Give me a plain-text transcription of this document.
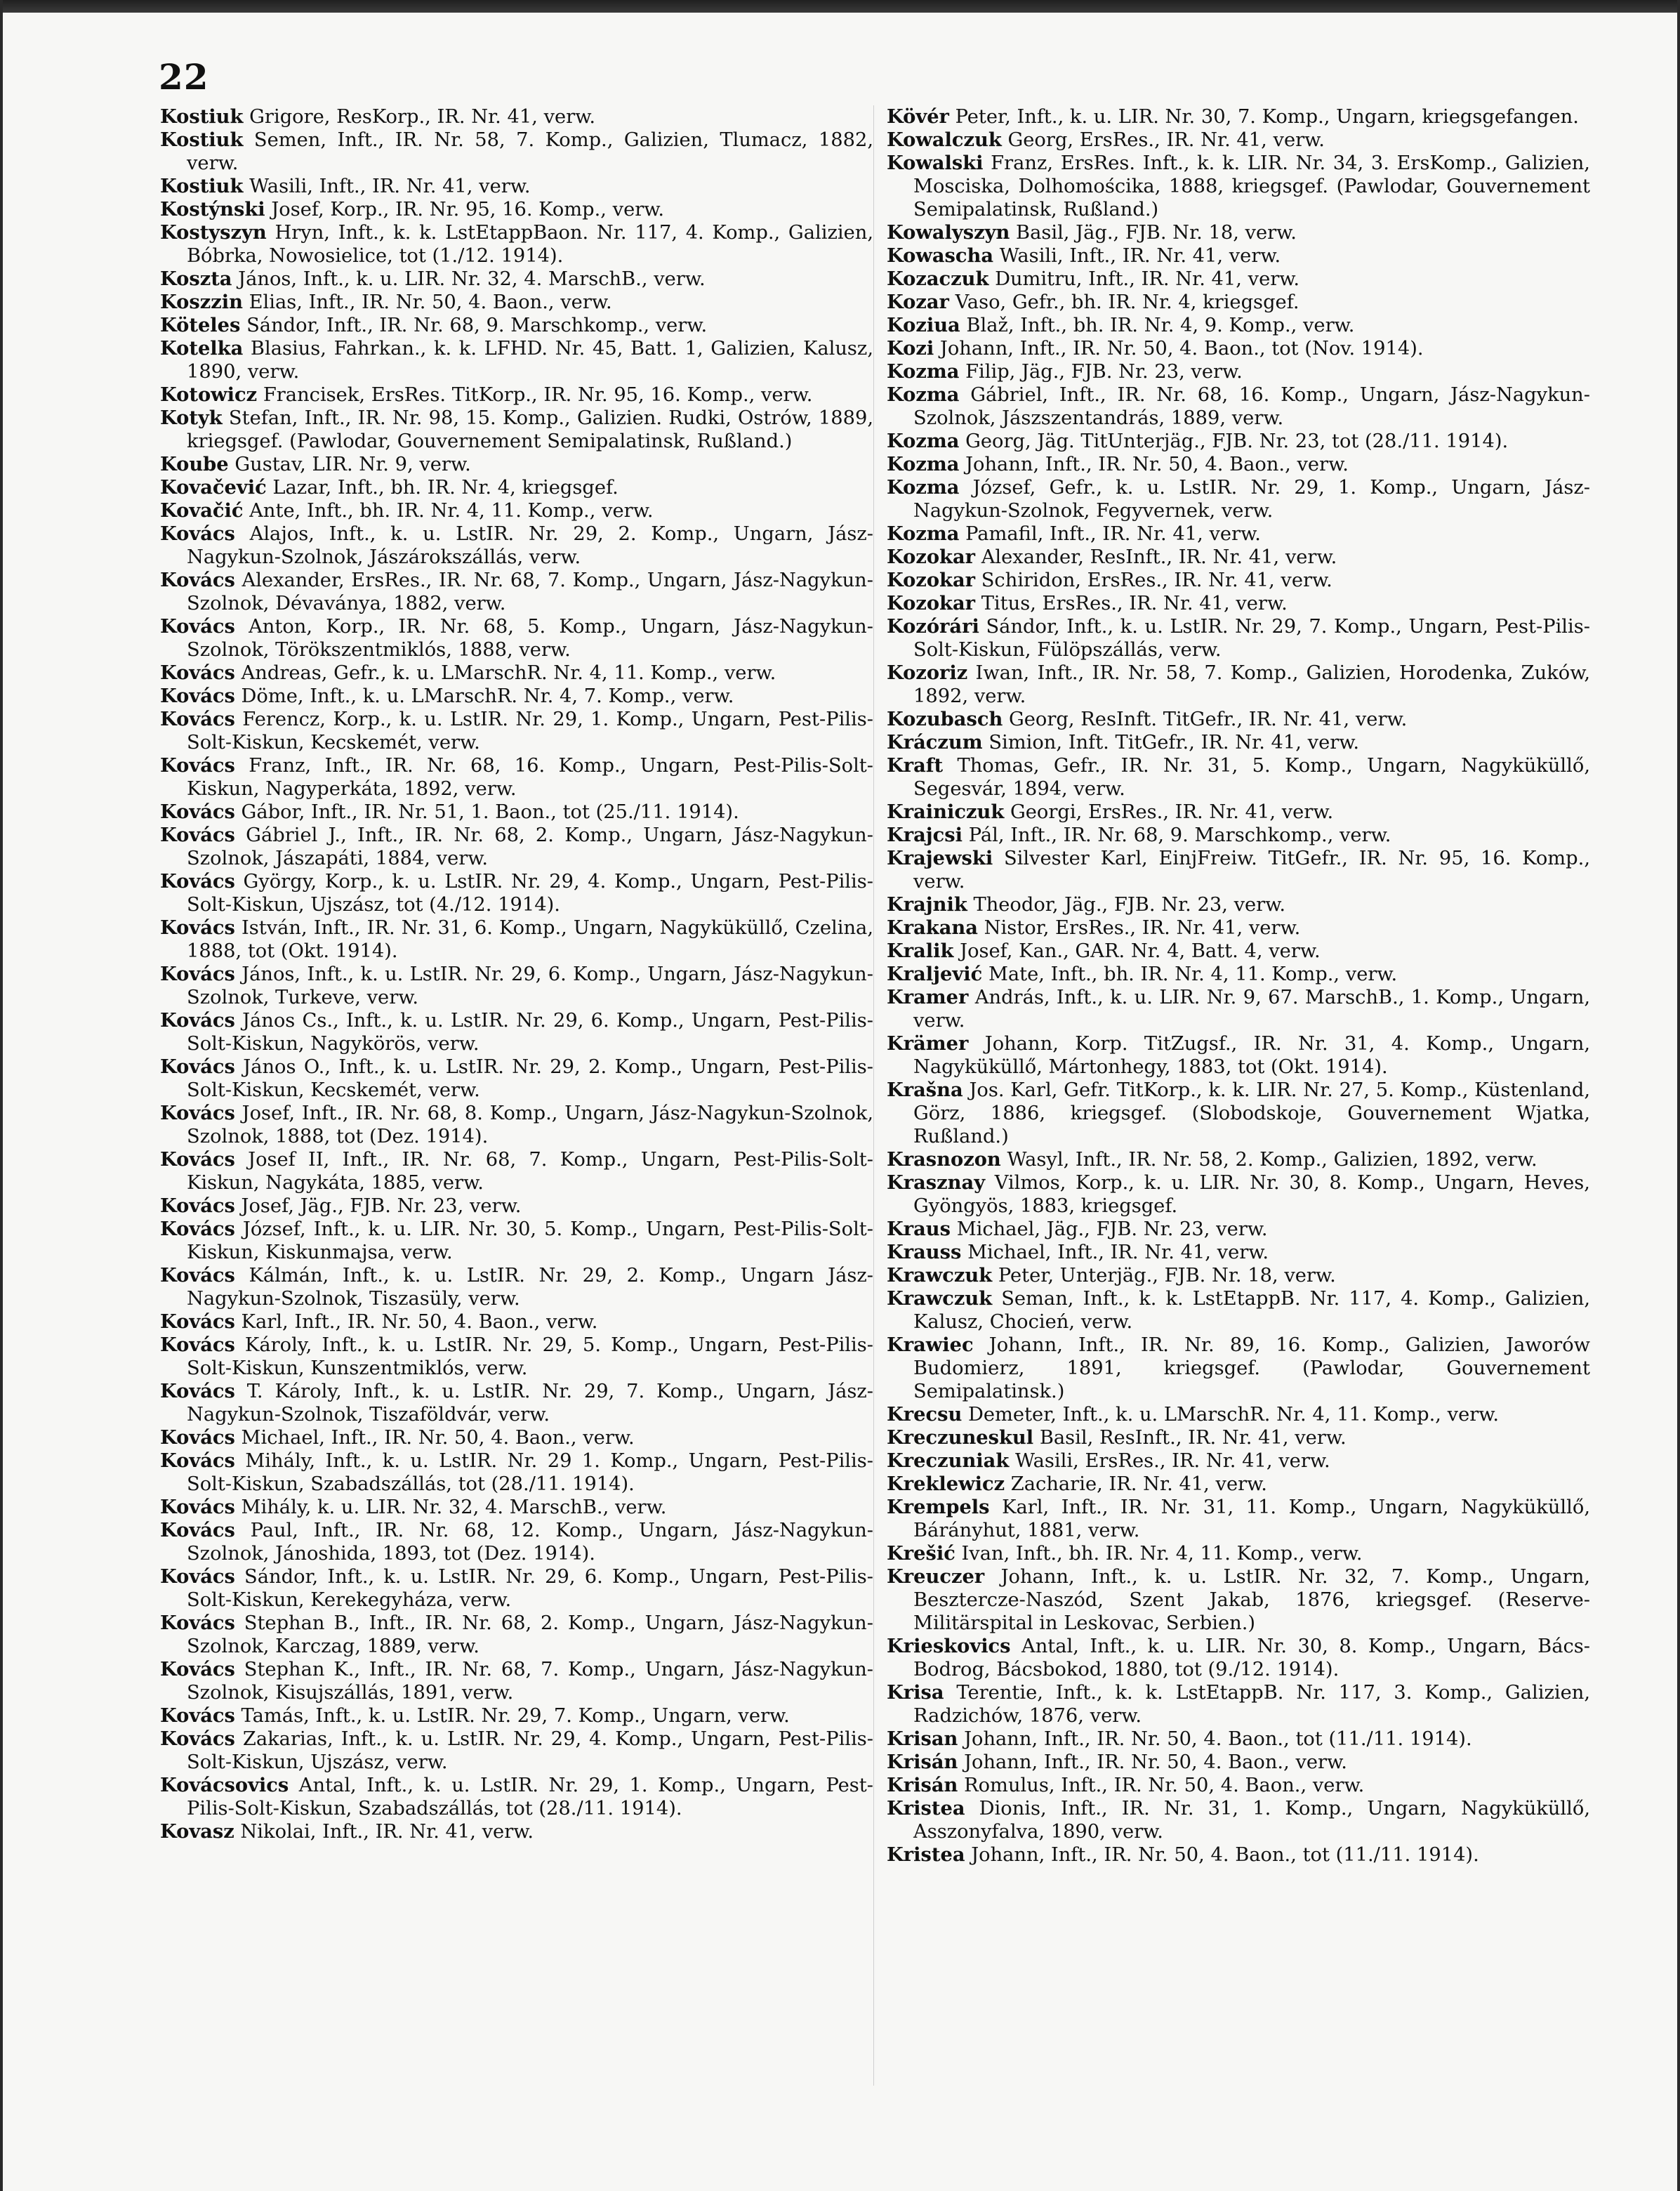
22

Kostiuk Grigore, ResKorp., IR. Nr. 41, verw.

Kostiuk Semen, Inft., IR. Nr. 58, 7. Komp., Galizien, Tlumacz, 1882, verw.

Kostiuk Wasili, Inft., IR. Nr. 41, verw.

Kostýnski Josef, Korp., IR. Nr. 95, 16. Komp., verw.

Kostyszyn Hryn, Inft., k. k. LstEtappBaon. Nr. 117, 4. Komp., Galizien, Bóbrka, Nowosielice, tot (1./12. 1914).

Koszta János, Inft., k. u. LIR. Nr. 32, 4. MarschB., verw.

Koszzin Elias, Inft., IR. Nr. 50, 4. Baon., verw.

Köteles Sándor, Inft., IR. Nr. 68, 9. Marschkomp., verw.

Kotelka Blasius, Fahrkan., k. k. LFHD. Nr. 45, Batt. 1, Galizien, Kalusz, 1890, verw.

Kotowicz Francisek, ErsRes. TitKorp., IR. Nr. 95, 16. Komp., verw.

Kotyk Stefan, Inft., IR. Nr. 98, 15. Komp., Galizien. Rudki, Ostrów, 1889, kriegsgef. (Pawlodar, Gouvernement Semipalatinsk, Rußland.)

Koube Gustav, LIR. Nr. 9, verw.

Kovačević Lazar, Inft., bh. IR. Nr. 4, kriegsgef.

Kovačić Ante, Inft., bh. IR. Nr. 4, 11. Komp., verw.

Kovács Alajos, Inft., k. u. LstIR. Nr. 29, 2. Komp., Ungarn, Jász-Nagykun-Szolnok, Jászárokszállás, verw.

Kovács Alexander, ErsRes., IR. Nr. 68, 7. Komp., Ungarn, Jász-Nagykun-Szolnok, Dévaványa, 1882, verw.

Kovács Anton, Korp., IR. Nr. 68, 5. Komp., Ungarn, Jász-Nagykun-Szolnok, Törökszentmiklós, 1888, verw.

Kovács Andreas, Gefr., k. u. LMarschR. Nr. 4, 11. Komp., verw.

Kovács Döme, Inft., k. u. LMarschR. Nr. 4, 7. Komp., verw.

Kovács Ferencz, Korp., k. u. LstIR. Nr. 29, 1. Komp., Ungarn, Pest-Pilis-Solt-Kiskun, Kecskemét, verw.

Kovács Franz, Inft., IR. Nr. 68, 16. Komp., Ungarn, Pest-Pilis-Solt-Kiskun, Nagyperkáta, 1892, verw.

Kovács Gábor, Inft., IR. Nr. 51, 1. Baon., tot (25./11. 1914).

Kovács Gábriel J., Inft., IR. Nr. 68, 2. Komp., Ungarn, Jász-Nagykun-Szolnok, Jászapáti, 1884, verw.

Kovács György, Korp., k. u. LstIR. Nr. 29, 4. Komp., Ungarn, Pest-Pilis-Solt-Kiskun, Ujszász, tot (4./12. 1914).

Kovács István, Inft., IR. Nr. 31, 6. Komp., Ungarn, Nagyküküllő, Czelina, 1888, tot (Okt. 1914).

Kovács János, Inft., k. u. LstIR. Nr. 29, 6. Komp., Ungarn, Jász-Nagykun-Szolnok, Turkeve, verw.

Kovács János Cs., Inft., k. u. LstIR. Nr. 29, 6. Komp., Ungarn, Pest-Pilis-Solt-Kiskun, Nagykörös, verw.

Kovács János O., Inft., k. u. LstIR. Nr. 29, 2. Komp., Ungarn, Pest-Pilis-Solt-Kiskun, Kecskemét, verw.

Kovács Josef, Inft., IR. Nr. 68, 8. Komp., Ungarn, Jász-Nagykun-Szolnok, Szolnok, 1888, tot (Dez. 1914).

Kovács Josef II, Inft., IR. Nr. 68, 7. Komp., Ungarn, Pest-Pilis-Solt-Kiskun, Nagykáta, 1885, verw.

Kovács Josef, Jäg., FJB. Nr. 23, verw.

Kovács József, Inft., k. u. LIR. Nr. 30, 5. Komp., Ungarn, Pest-Pilis-Solt-Kiskun, Kiskunmajsa, verw.

Kovács Kálmán, Inft., k. u. LstIR. Nr. 29, 2. Komp., Ungarn Jász-Nagykun-Szolnok, Tiszasüly, verw.

Kovács Karl, Inft., IR. Nr. 50, 4. Baon., verw.

Kovács Károly, Inft., k. u. LstIR. Nr. 29, 5. Komp., Ungarn, Pest-Pilis-Solt-Kiskun, Kunszentmiklós, verw.

Kovács T. Károly, Inft., k. u. LstIR. Nr. 29, 7. Komp., Ungarn, Jász-Nagykun-Szolnok, Tiszaföldvár, verw.

Kovács Michael, Inft., IR. Nr. 50, 4. Baon., verw.

Kovács Mihály, Inft., k. u. LstIR. Nr. 29 1. Komp., Ungarn, Pest-Pilis-Solt-Kiskun, Szabadszállás, tot (28./11. 1914).

Kovács Mihály, k. u. LIR. Nr. 32, 4. MarschB., verw.

Kovács Paul, Inft., IR. Nr. 68, 12. Komp., Ungarn, Jász-Nagykun-Szolnok, Jánoshida, 1893, tot (Dez. 1914).

Kovács Sándor, Inft., k. u. LstIR. Nr. 29, 6. Komp., Ungarn, Pest-Pilis-Solt-Kiskun, Kerekegyháza, verw.

Kovács Stephan B., Inft., IR. Nr. 68, 2. Komp., Ungarn, Jász-Nagykun-Szolnok, Karczag, 1889, verw.

Kovács Stephan K., Inft., IR. Nr. 68, 7. Komp., Ungarn, Jász-Nagykun-Szolnok, Kisujszállás, 1891, verw.

Kovács Tamás, Inft., k. u. LstIR. Nr. 29, 7. Komp., Ungarn, verw.

Kovács Zakarias, Inft., k. u. LstIR. Nr. 29, 4. Komp., Ungarn, Pest-Pilis-Solt-Kiskun, Ujszász, verw.

Kovácsovics Antal, Inft., k. u. LstIR. Nr. 29, 1. Komp., Ungarn, Pest-Pilis-Solt-Kiskun, Szabadszállás, tot (28./11. 1914).

Kovasz Nikolai, Inft., IR. Nr. 41, verw.

Kövér Peter, Inft., k. u. LIR. Nr. 30, 7. Komp., Ungarn, kriegsgefangen.

Kowalczuk Georg, ErsRes., IR. Nr. 41, verw.

Kowalski Franz, ErsRes. Inft., k. k. LIR. Nr. 34, 3. ErsKomp., Galizien, Mosciska, Dolhomościka, 1888, kriegsgef. (Pawlodar, Gouvernement Semipalatinsk, Rußland.)

Kowalyszyn Basil, Jäg., FJB. Nr. 18, verw.

Kowascha Wasili, Inft., IR. Nr. 41, verw.

Kozaczuk Dumitru, Inft., IR. Nr. 41, verw.

Kozar Vaso, Gefr., bh. IR. Nr. 4, kriegsgef.

Koziua Blaž, Inft., bh. IR. Nr. 4, 9. Komp., verw.

Kozi Johann, Inft., IR. Nr. 50, 4. Baon., tot (Nov. 1914).

Kozma Filip, Jäg., FJB. Nr. 23, verw.

Kozma Gábriel, Inft., IR. Nr. 68, 16. Komp., Ungarn, Jász-Nagykun-Szolnok, Jászszentandrás, 1889, verw.

Kozma Georg, Jäg. TitUnterjäg., FJB. Nr. 23, tot (28./11. 1914).

Kozma Johann, Inft., IR. Nr. 50, 4. Baon., verw.

Kozma József, Gefr., k. u. LstIR. Nr. 29, 1. Komp., Ungarn, Jász-Nagykun-Szolnok, Fegyvernek, verw.

Kozma Pamafil, Inft., IR. Nr. 41, verw.

Kozokar Alexander, ResInft., IR. Nr. 41, verw.

Kozokar Schiridon, ErsRes., IR. Nr. 41, verw.

Kozokar Titus, ErsRes., IR. Nr. 41, verw.

Kozórári Sándor, Inft., k. u. LstIR. Nr. 29, 7. Komp., Ungarn, Pest-Pilis-Solt-Kiskun, Fülöpszállás, verw.

Kozoriz Iwan, Inft., IR. Nr. 58, 7. Komp., Galizien, Horodenka, Zuków, 1892, verw.

Kozubasch Georg, ResInft. TitGefr., IR. Nr. 41, verw.

Kráczum Simion, Inft. TitGefr., IR. Nr. 41, verw.

Kraft Thomas, Gefr., IR. Nr. 31, 5. Komp., Ungarn, Nagyküküllő, Segesvár, 1894, verw.

Krainiczuk Georgi, ErsRes., IR. Nr. 41, verw.

Krajcsi Pál, Inft., IR. Nr. 68, 9. Marschkomp., verw.

Krajewski Silvester Karl, EinjFreiw. TitGefr., IR. Nr. 95, 16. Komp., verw.

Krajnik Theodor, Jäg., FJB. Nr. 23, verw.

Krakana Nistor, ErsRes., IR. Nr. 41, verw.

Kralik Josef, Kan., GAR. Nr. 4, Batt. 4, verw.

Kraljević Mate, Inft., bh. IR. Nr. 4, 11. Komp., verw.

Kramer András, Inft., k. u. LIR. Nr. 9, 67. MarschB., 1. Komp., Ungarn, verw.

Krämer Johann, Korp. TitZugsf., IR. Nr. 31, 4. Komp., Ungarn, Nagyküküllő, Mártonhegy, 1883, tot (Okt. 1914).

Krašna Jos. Karl, Gefr. TitKorp., k. k. LIR. Nr. 27, 5. Komp., Küstenland, Görz, 1886, kriegsgef. (Slobodskoje, Gouvernement Wjatka, Rußland.)

Krasnozon Wasyl, Inft., IR. Nr. 58, 2. Komp., Galizien, 1892, verw.

Krasznay Vilmos, Korp., k. u. LIR. Nr. 30, 8. Komp., Ungarn, Heves, Gyöngyös, 1883, kriegsgef.

Kraus Michael, Jäg., FJB. Nr. 23, verw.

Krauss Michael, Inft., IR. Nr. 41, verw.

Krawczuk Peter, Unterjäg., FJB. Nr. 18, verw.

Krawczuk Seman, Inft., k. k. LstEtappB. Nr. 117, 4. Komp., Galizien, Kalusz, Chocień, verw.

Krawiec Johann, Inft., IR. Nr. 89, 16. Komp., Galizien, Jaworów Budomierz, 1891, kriegsgef. (Pawlodar, Gouvernement Semipalatinsk.)

Krecsu Demeter, Inft., k. u. LMarschR. Nr. 4, 11. Komp., verw.

Kreczuneskul Basil, ResInft., IR. Nr. 41, verw.

Kreczuniak Wasili, ErsRes., IR. Nr. 41, verw.

Kreklewicz Zacharie, IR. Nr. 41, verw.

Krempels Karl, Inft., IR. Nr. 31, 11. Komp., Ungarn, Nagyküküllő, Bárányhut, 1881, verw.

Krešić Ivan, Inft., bh. IR. Nr. 4, 11. Komp., verw.

Kreuczer Johann, Inft., k. u. LstIR. Nr. 32, 7. Komp., Ungarn, Besztercze-Naszód, Szent Jakab, 1876, kriegsgef. (Reserve-Militärspital in Leskovac, Serbien.)

Krieskovics Antal, Inft., k. u. LIR. Nr. 30, 8. Komp., Ungarn, Bács-Bodrog, Bácsbokod, 1880, tot (9./12. 1914).

Krisa Terentie, Inft., k. k. LstEtappB. Nr. 117, 3. Komp., Galizien, Radzichów, 1876, verw.

Krisan Johann, Inft., IR. Nr. 50, 4. Baon., tot (11./11. 1914).

Krisán Johann, Inft., IR. Nr. 50, 4. Baon., verw.

Krisán Romulus, Inft., IR. Nr. 50, 4. Baon., verw.

Kristea Dionis, Inft., IR. Nr. 31, 1. Komp., Ungarn, Nagyküküllő, Asszonyfalva, 1890, verw.

Kristea Johann, Inft., IR. Nr. 50, 4. Baon., tot (11./11. 1914).
